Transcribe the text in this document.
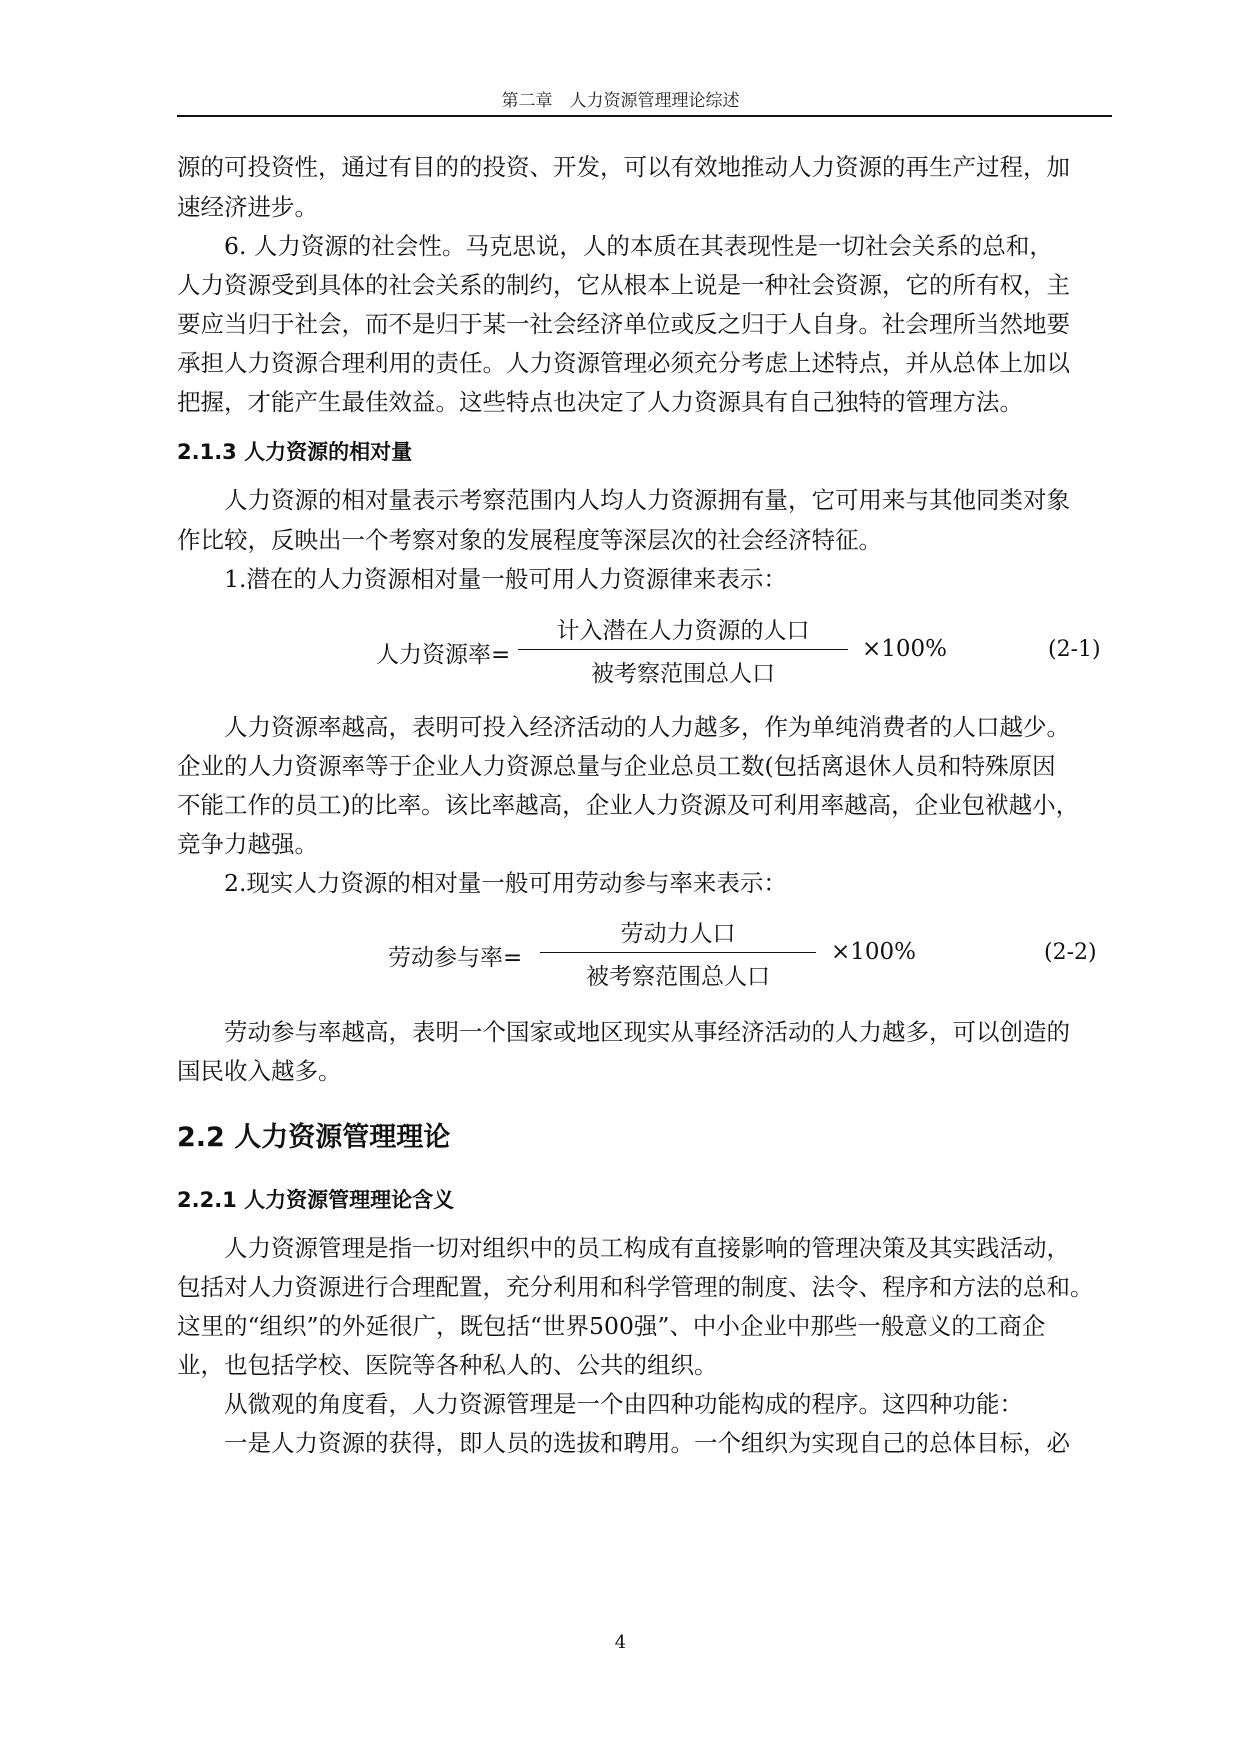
第二章　人力资源管理理论综述
源的可投资性，通过有目的的投资、开发，可以有效地推动人力资源的再生产过程，加
速经济进步。
　　6. 人力资源的社会性。马克思说，人的本质在其表现性是一切社会关系的总和，
人力资源受到具体的社会关系的制约，它从根本上说是一种社会资源，它的所有权，主
要应当归于社会，而不是归于某一社会经济单位或反之归于人自身。社会理所当然地要
承担人力资源合理利用的责任。人力资源管理必须充分考虑上述特点，并从总体上加以
把握，才能产生最佳效益。这些特点也决定了人力资源具有自己独特的管理方法。
2.1.3 人力资源的相对量
　　人力资源的相对量表示考察范围内人均人力资源拥有量，它可用来与其他同类对象
作比较，反映出一个考察对象的发展程度等深层次的社会经济特征。
　　1.潜在的人力资源相对量一般可用人力资源律来表示：
人力资源率=
计入潜在人力资源的人口
被考察范围总人口
×100%	(2-1)
　　人力资源率越高，表明可投入经济活动的人力越多，作为单纯消费者的人口越少。
企业的人力资源率等于企业人力资源总量与企业总员工数(包括离退休人员和特殊原因
不能工作的员工)的比率。该比率越高，企业人力资源及可利用率越高，企业包袱越小，
竞争力越强。
　　2.现实人力资源的相对量一般可用劳动参与率来表示：
劳动参与率=
劳动力人口
被考察范围总人口
×100%	(2-2)
　　劳动参与率越高，表明一个国家或地区现实从事经济活动的人力越多，可以创造的
国民收入越多。
2.2 人力资源管理理论
2.2.1 人力资源管理理论含义
　　人力资源管理是指一切对组织中的员工构成有直接影响的管理决策及其实践活动，
包括对人力资源进行合理配置，充分利用和科学管理的制度、法令、程序和方法的总和。
这里的“组织”的外延很广，既包括“世界500强”、中小企业中那些一般意义的工商企
业，也包括学校、医院等各种私人的、公共的组织。
　　从微观的角度看，人力资源管理是一个由四种功能构成的程序。这四种功能：
　　一是人力资源的获得，即人员的选拔和聘用。一个组织为实现自己的总体目标，必
4
